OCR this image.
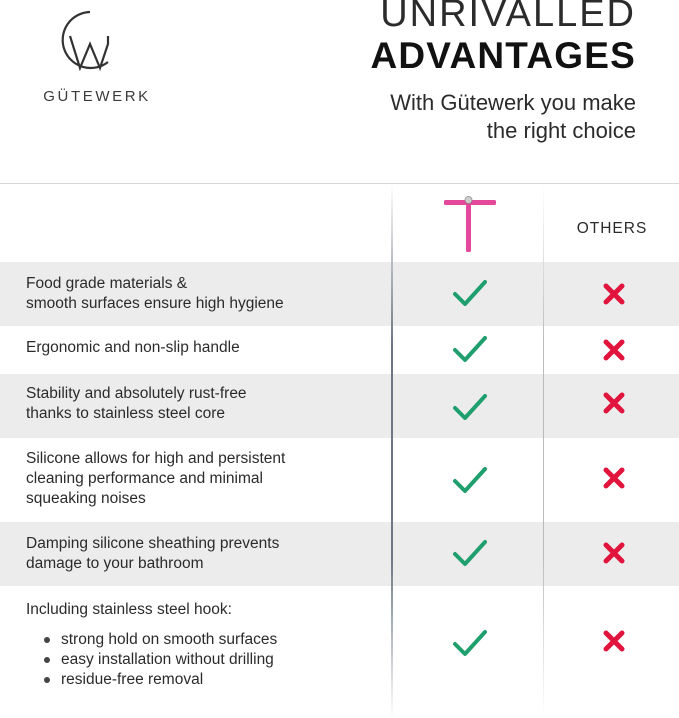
GÜTEWERK
UNRIVALLED
ADVANTAGES
With Gütewerk you make
the right choice
Food grade materials &
smooth surfaces ensure high hygiene
Ergonomic and non-slip handle
Stability and absolutely rust-free
thanks to stainless steel core
Silicone allows for high and persistent
cleaning performance and minimal
squeaking noises
Damping silicone sheathing prevents
damage to your bathroom
Including stainless steel hook:
strong hold on smooth surfaces
easy installation without drilling
residue-free removal
OTHERS
